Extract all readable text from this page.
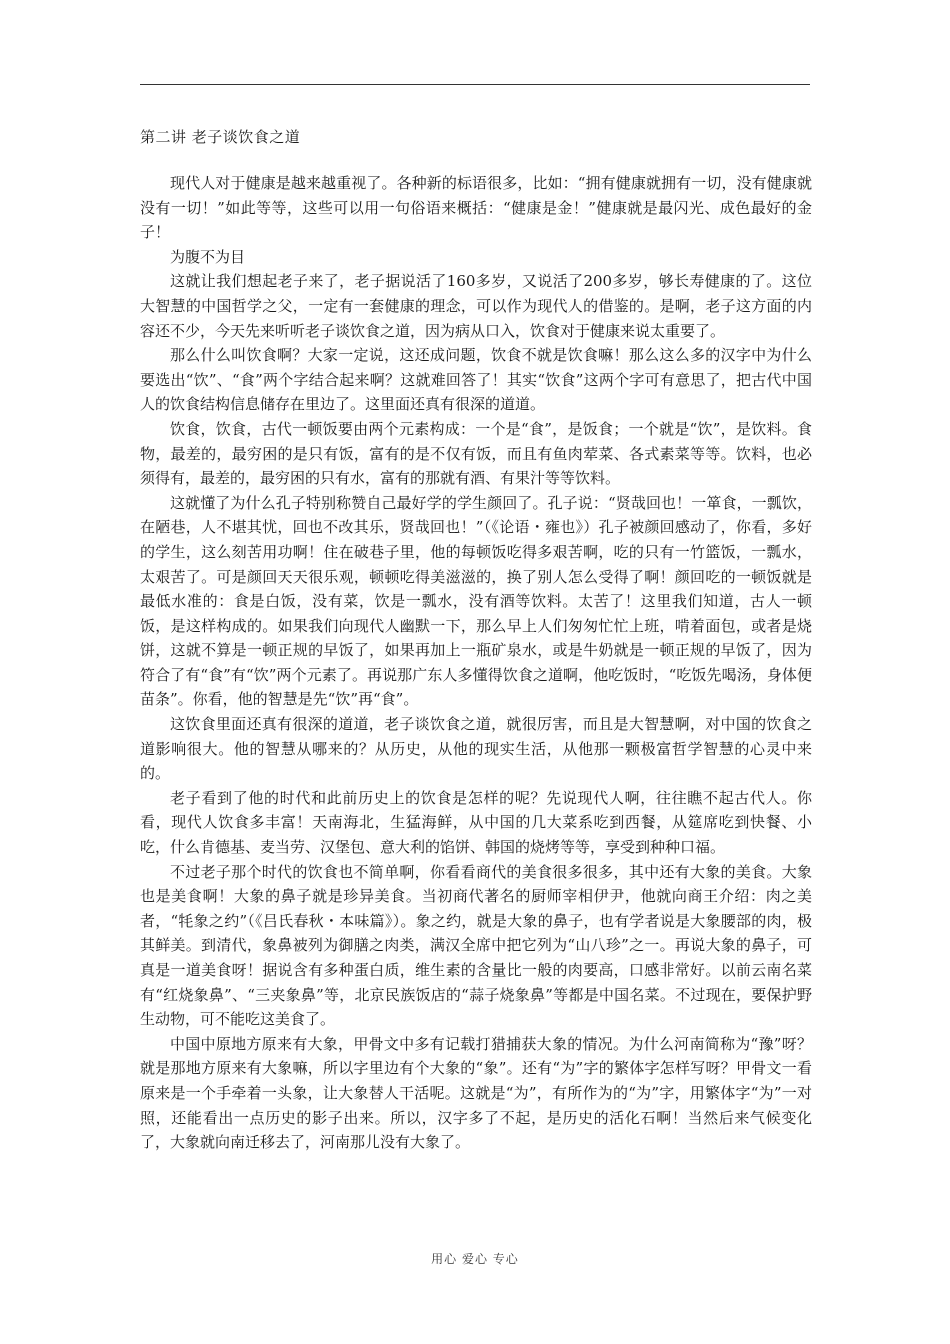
第二讲 老子谈饮食之道

现代人对于健康是越来越重视了。各种新的标语很多，比如：“拥有健康就拥有一切，没有健康就没有一切！”如此等等，这些可以用一句俗语来概括：“健康是金！”健康就是最闪光、成色最好的金子！

为腹不为目

这就让我们想起老子来了，老子据说活了160多岁，又说活了200多岁，够长寿健康的了。这位大智慧的中国哲学之父，一定有一套健康的理念，可以作为现代人的借鉴的。是啊，老子这方面的内容还不少，今天先来听听老子谈饮食之道，因为病从口入，饮食对于健康来说太重要了。

那么什么叫饮食啊？大家一定说，这还成问题，饮食不就是饮食嘛！那么这么多的汉字中为什么要选出“饮”、“食”两个字结合起来啊？这就难回答了！其实“饮食”这两个字可有意思了，把古代中国人的饮食结构信息储存在里边了。这里面还真有很深的道道。

饮食，饮食，古代一顿饭要由两个元素构成：一个是“食”，是饭食；一个就是“饮”，是饮料。食物，最差的，最穷困的是只有饭，富有的是不仅有饭，而且有鱼肉荤菜、各式素菜等等。饮料，也必须得有，最差的，最穷困的只有水，富有的那就有酒、有果汁等等饮料。

这就懂了为什么孔子特别称赞自己最好学的学生颜回了。孔子说：“贤哉回也！一箪食，一瓢饮，在陋巷，人不堪其忧，回也不改其乐，贤哉回也！”（《论语・雍也》）孔子被颜回感动了，你看，多好的学生，这么刻苦用功啊！住在破巷子里，他的每顿饭吃得多艰苦啊，吃的只有一竹篮饭，一瓢水，太艰苦了。可是颜回天天很乐观，顿顿吃得美滋滋的，换了别人怎么受得了啊！颜回吃的一顿饭就是最低水准的：食是白饭，没有菜，饮是一瓢水，没有酒等饮料。太苦了！这里我们知道，古人一顿饭，是这样构成的。如果我们向现代人幽默一下，那么早上人们匆匆忙忙上班，啃着面包，或者是烧饼，这就不算是一顿正规的早饭了，如果再加上一瓶矿泉水，或是牛奶就是一顿正规的早饭了，因为符合了有“食”有“饮”两个元素了。再说那广东人多懂得饮食之道啊，他吃饭时，“吃饭先喝汤，身体便苗条”。你看，他的智慧是先“饮”再“食”。

这饮食里面还真有很深的道道，老子谈饮食之道，就很厉害，而且是大智慧啊，对中国的饮食之道影响很大。他的智慧从哪来的？从历史，从他的现实生活，从他那一颗极富哲学智慧的心灵中来的。

老子看到了他的时代和此前历史上的饮食是怎样的呢？先说现代人啊，往往瞧不起古代人。你看，现代人饮食多丰富！天南海北，生猛海鲜，从中国的几大菜系吃到西餐，从筵席吃到快餐、小吃，什么肯德基、麦当劳、汉堡包、意大利的馅饼、韩国的烧烤等等，享受到种种口福。

不过老子那个时代的饮食也不简单啊，你看看商代的美食很多很多，其中还有大象的美食。大象也是美食啊！大象的鼻子就是珍异美食。当初商代著名的厨师宰相伊尹，他就向商王介绍：肉之美者，“牦象之约”（《吕氏春秋・本味篇》）。象之约，就是大象的鼻子，也有学者说是大象腰部的肉，极其鲜美。到清代，象鼻被列为御膳之肉类，满汉全席中把它列为“山八珍”之一。再说大象的鼻子，可真是一道美食呀！据说含有多种蛋白质，维生素的含量比一般的肉要高，口感非常好。以前云南名菜有“红烧象鼻”、“三夹象鼻”等，北京民族饭店的“蒜子烧象鼻”等都是中国名菜。不过现在，要保护野生动物，可不能吃这美食了。

中国中原地方原来有大象，甲骨文中多有记载打猎捕获大象的情况。为什么河南简称为“豫”呀？就是那地方原来有大象嘛，所以字里边有个大象的“象”。还有“为”字的繁体字怎样写呀？甲骨文一看原来是一个手牵着一头象，让大象替人干活呢。这就是“为”，有所作为的“为”字，用繁体字“为”一对照，还能看出一点历史的影子出来。所以，汉字多了不起，是历史的活化石啊！当然后来气候变化了，大象就向南迁移去了，河南那儿没有大象了。

用心 爱心 专心
